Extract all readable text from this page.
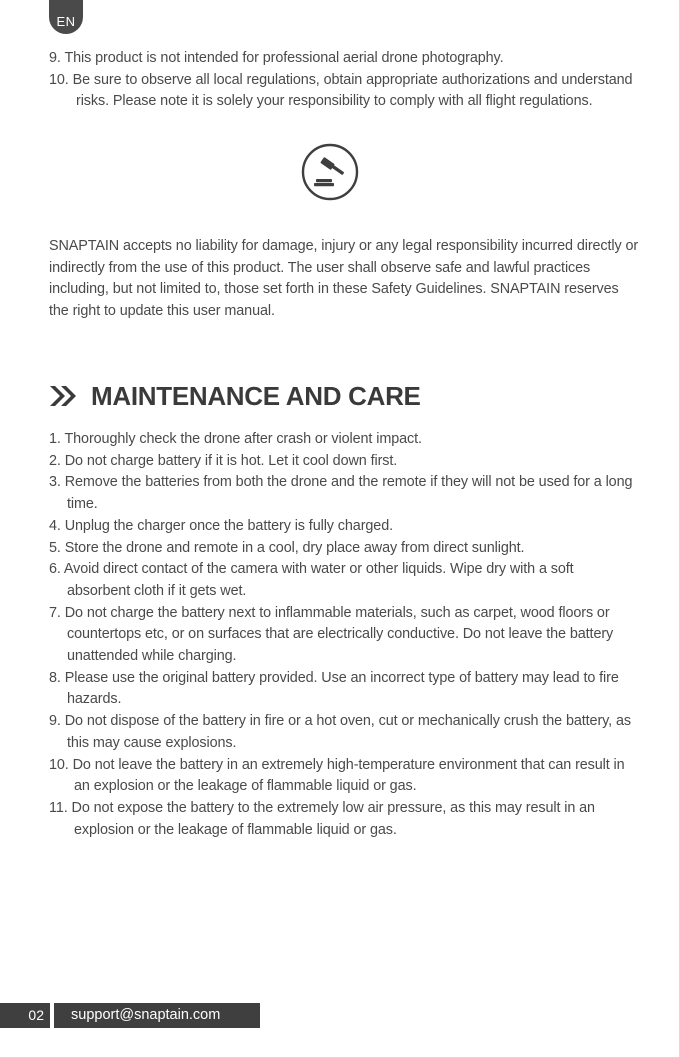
EN
9. This product is not intended for professional aerial drone photography.
10. Be sure to observe all local regulations, obtain appropriate authorizations and understand risks. Please note it is solely your responsibility to comply with all flight regulations.

SNAPTAIN accepts no liability for damage, injury or any legal responsibility incurred directly or indirectly from the use of this product. The user shall observe safe and lawful practices including, but not limited to, those set forth in these Safety Guidelines. SNAPTAIN reserves the right to update this user manual.

MAINTENANCE AND CARE
1. Thoroughly check the drone after crash or violent impact.
2. Do not charge battery if it is hot. Let it cool down first.
3. Remove the batteries from both the drone and the remote if they will not be used for a long time.
4. Unplug the charger once the battery is fully charged.
5. Store the drone and remote in a cool, dry place away from direct sunlight.
6. Avoid direct contact of the camera with water or other liquids. Wipe dry with a soft absorbent cloth if it gets wet.
7. Do not charge the battery next to inflammable materials, such as carpet, wood floors or countertops etc, or on surfaces that are electrically conductive. Do not leave the battery unattended while charging.
8. Please use the original battery provided. Use an incorrect type of battery may lead to fire hazards.
9. Do not dispose of the battery in fire or a hot oven, cut or mechanically crush the battery, as this may cause explosions.
10. Do not leave the battery in an extremely high-temperature environment that can result in an explosion or the leakage of flammable liquid or gas.
11. Do not expose the battery to the extremely low air pressure, as this may result in an explosion or the leakage of flammable liquid or gas.
02	support@snaptain.com
